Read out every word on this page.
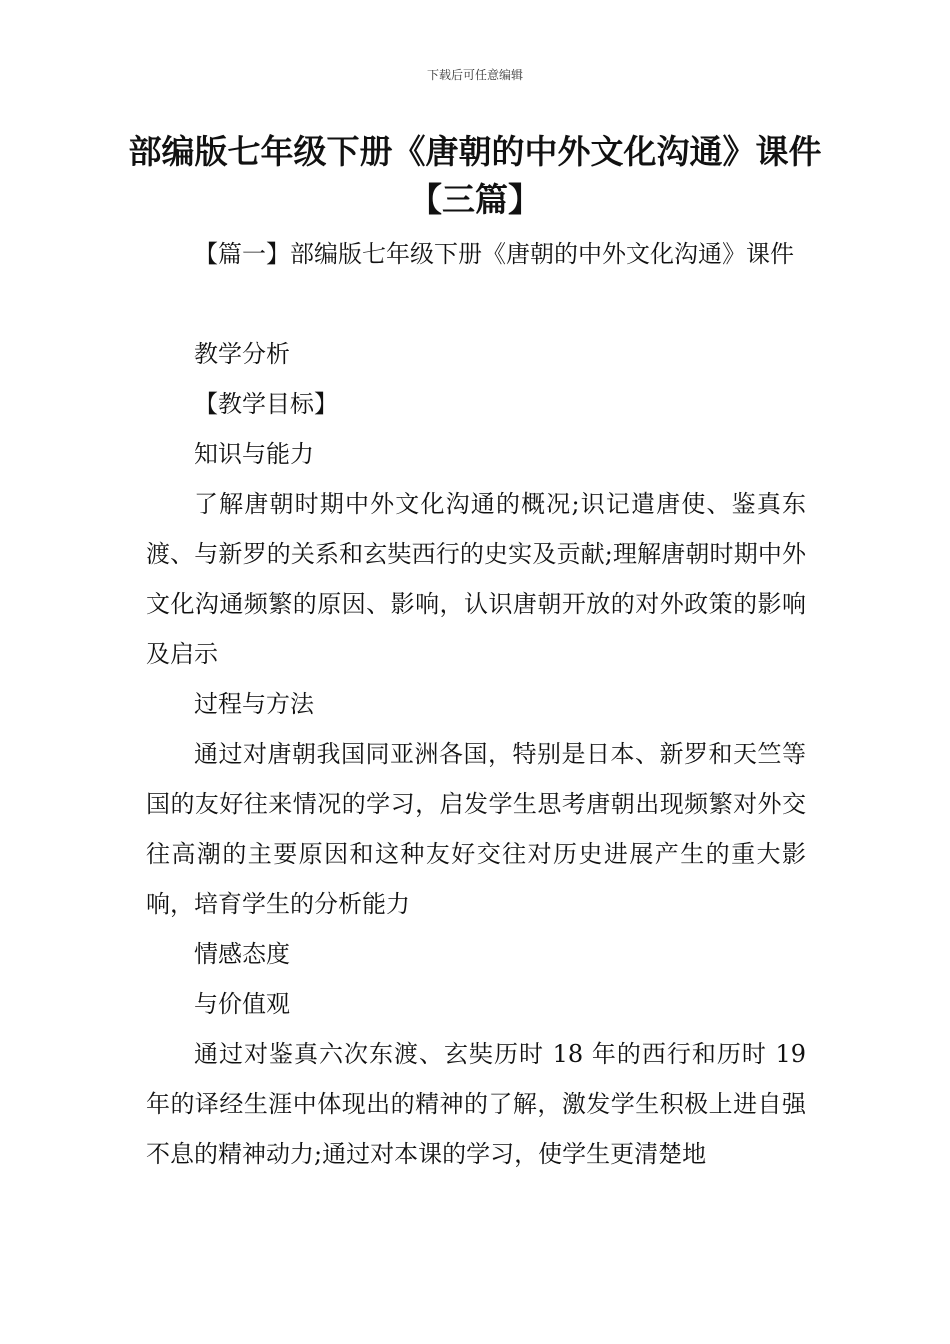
下载后可任意编辑
部编版七年级下册《唐朝的中外文化沟通》课件【三篇】

【篇一】部编版七年级下册《唐朝的中外文化沟通》课件

教学分析

【教学目标】

知识与能力

了解唐朝时期中外文化沟通的概况;识记遣唐使、鉴真东渡、与新罗的关系和玄奘西行的史实及贡献;理解唐朝时期中外文化沟通频繁的原因、影响，认识唐朝开放的对外政策的影响及启示

过程与方法

通过对唐朝我国同亚洲各国，特别是日本、新罗和天竺等国的友好往来情况的学习，启发学生思考唐朝出现频繁对外交往高潮的主要原因和这种友好交往对历史进展产生的重大影响，培育学生的分析能力

情感态度

与价值观

通过对鉴真六次东渡、玄奘历时 18 年的西行和历时 19 年的译经生涯中体现出的精神的了解，激发学生积极上进自强不息的精神动力;通过对本课的学习，使学生更清楚地
